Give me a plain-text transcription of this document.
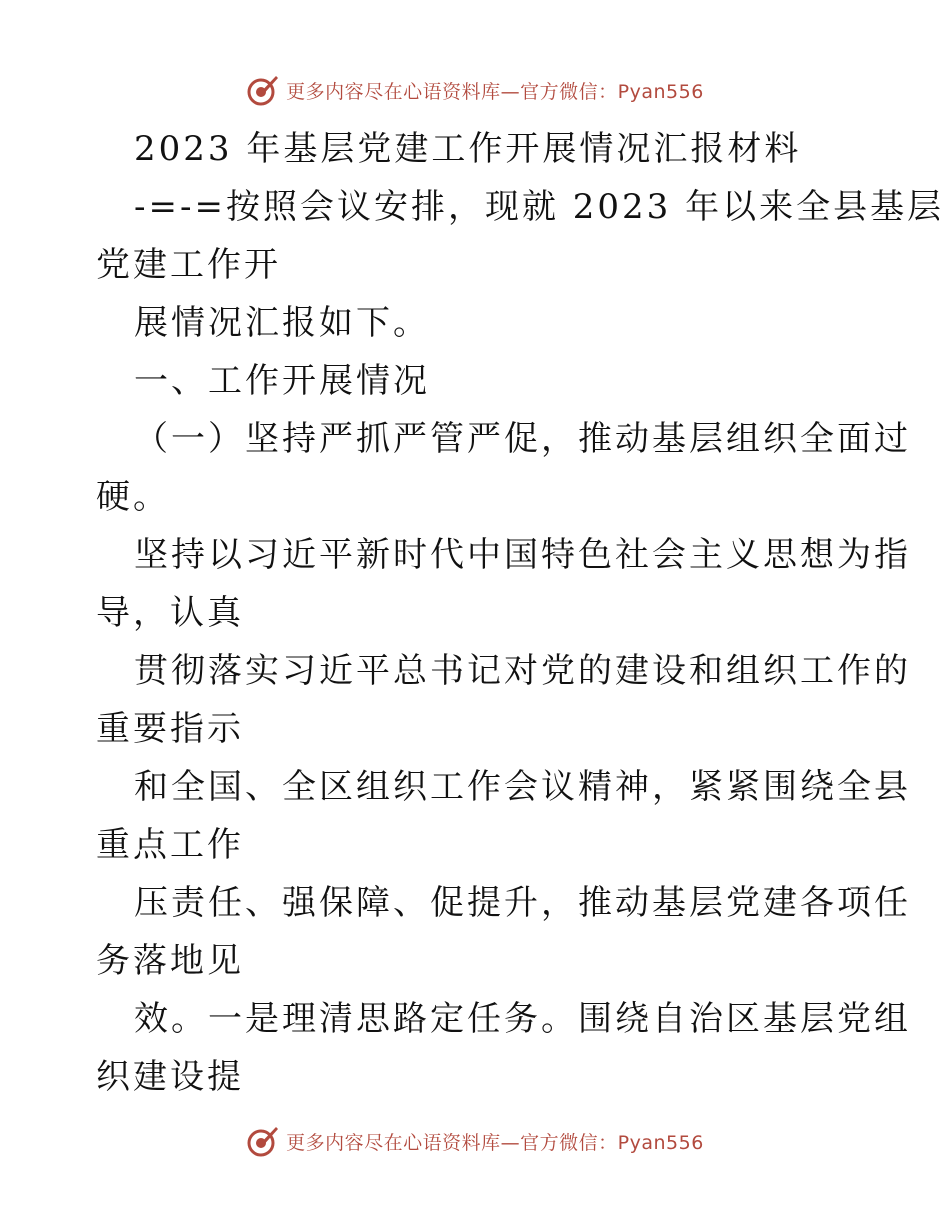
更多内容尽在心语资料库—官方微信：Pyan556
2023 年基层党建工作开展情况汇报材料
-=-=按照会议安排，现就 2023 年以来全县基层
党建工作开
展情况汇报如下。
一、工作开展情况
（一）坚持严抓严管严促，推动基层组织全面过
硬。
坚持以习近平新时代中国特色社会主义思想为指
导，认真
贯彻落实习近平总书记对党的建设和组织工作的
重要指示
和全国、全区组织工作会议精神，紧紧围绕全县
重点工作
压责任、强保障、促提升，推动基层党建各项任
务落地见
效。一是理清思路定任务。围绕自治区基层党组
织建设提
更多内容尽在心语资料库—官方微信：Pyan556
